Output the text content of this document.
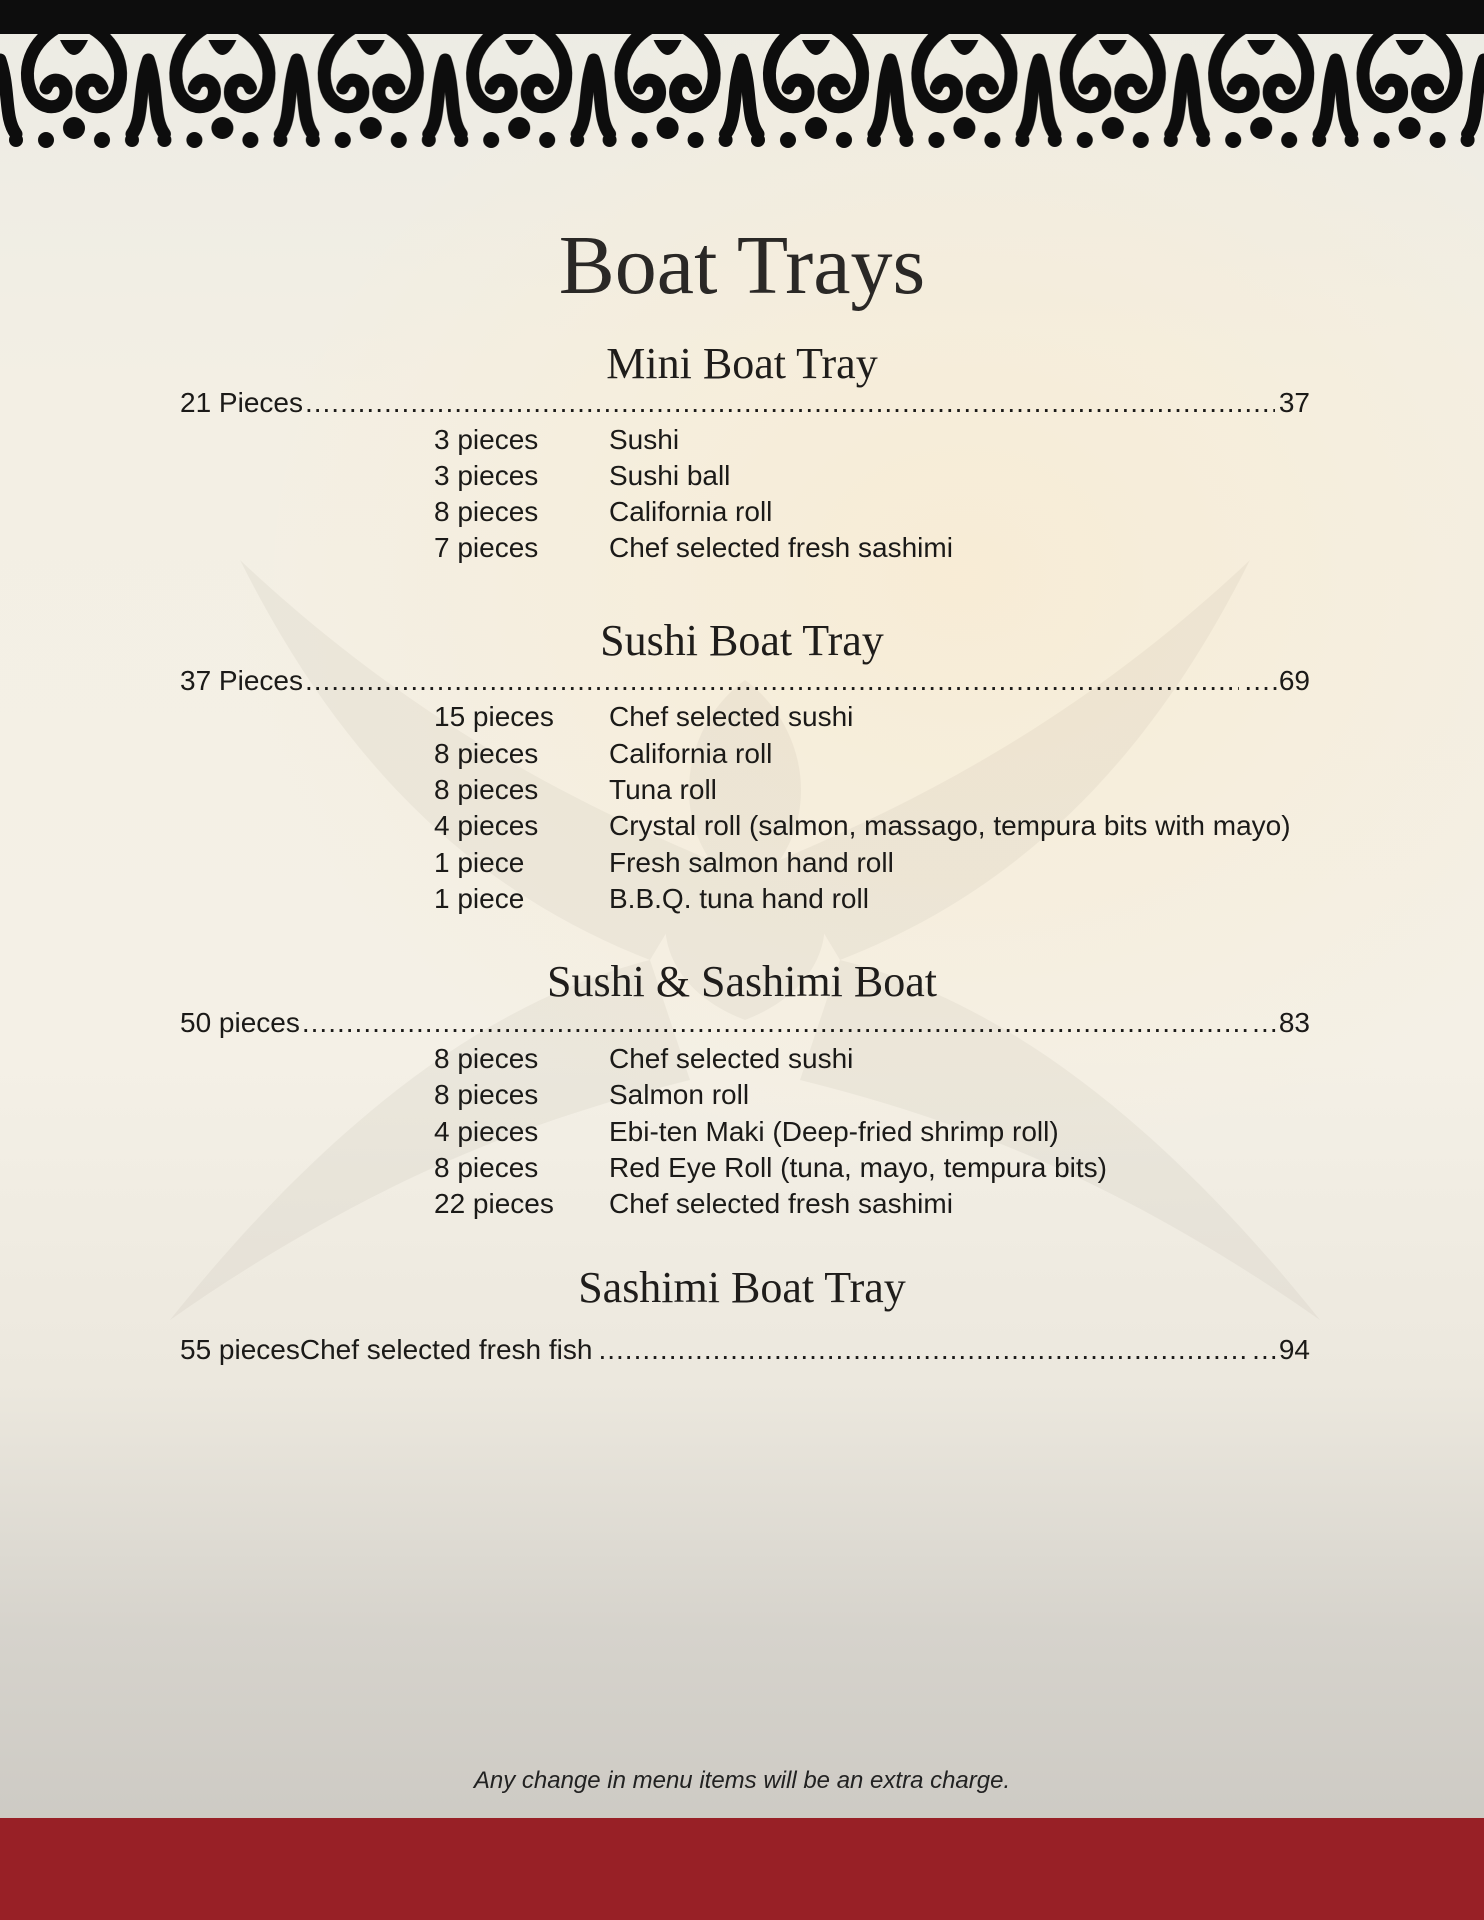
Boat Trays
Mini Boat Tray
21 Pieces .....	37
3 pieces	Sushi
3 pieces	Sushi ball
8 pieces	California roll
7 pieces	Chef selected fresh sashimi
Sushi Boat Tray
37 Pieces .....	….69
15 pieces Chef selected sushi
8 pieces	California roll
8 pieces	Tuna roll
4 pieces	Crystal roll (salmon, massago, tempura bits with mayo)
1 piece	Fresh salmon hand roll
1 piece	B.B.Q. tuna hand roll
Sushi & Sashimi Boat
50 pieces .....	…83
8 pieces	Chef selected sushi
8 pieces	Salmon roll
4 pieces	Ebi-ten Maki (Deep-fried shrimp roll)
8 pieces	Red Eye Roll (tuna, mayo, tempura bits)
22 pieces Chef selected fresh sashimi
Sashimi Boat Tray
55 pieces Chef selected fresh fish .....	…94
Any change in menu items will be an extra charge.
